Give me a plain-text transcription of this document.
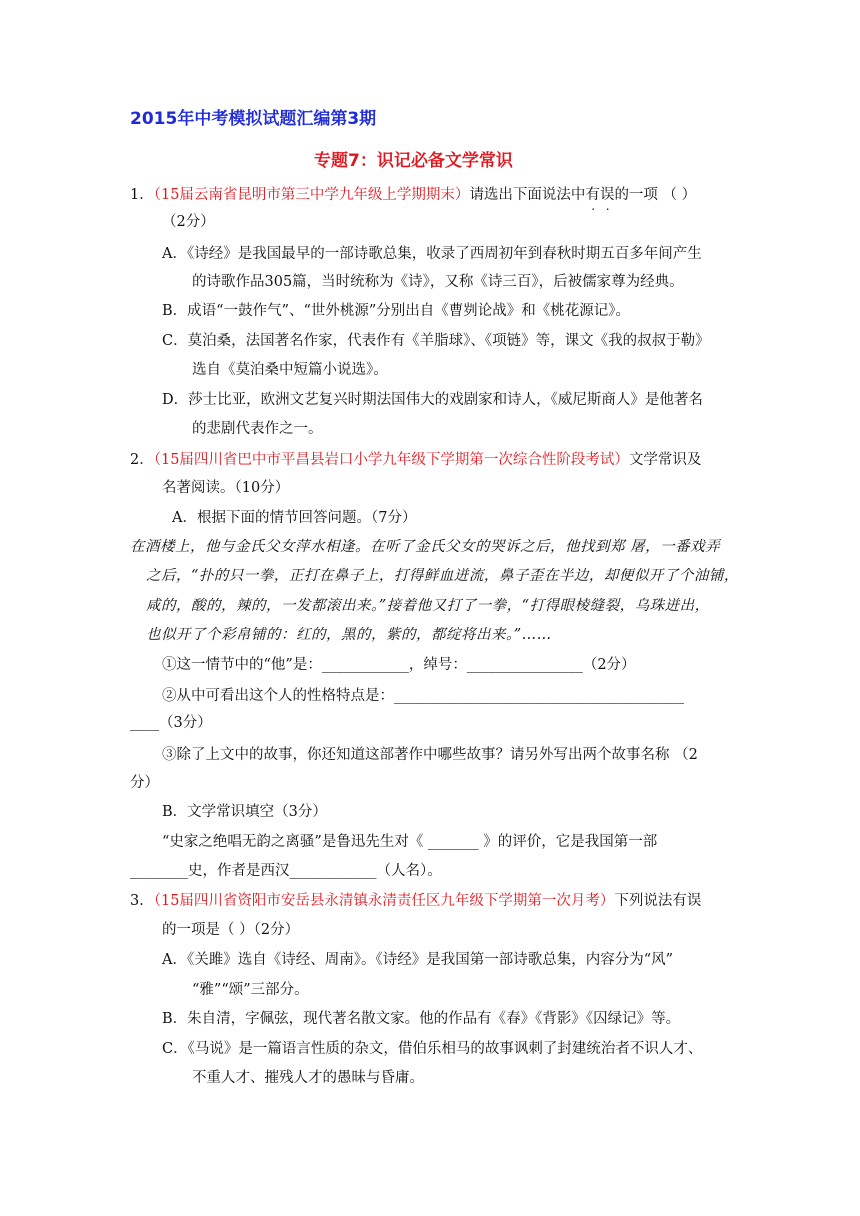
2015年中考模拟试题汇编第3期
专题7：识记必备文学常识
1．（15届云南省昆明市第三中学九年级上学期期末）请选出下面说法中有误的一项 （ ）
（2分）
A．《诗经》是我国最早的一部诗歌总集，收录了西周初年到春秋时期五百多年间产生
的诗歌作品305篇，当时统称为《诗》，又称《诗三百》，后被儒家尊为经典。
B．成语“一鼓作气”、“世外桃源”分别出自《曹刿论战》和《桃花源记》。
C．莫泊桑，法国著名作家，代表作有《羊脂球》、《项链》等，课文《我的叔叔于勒》
选自《莫泊桑中短篇小说选》。
D．莎士比亚，欧洲文艺复兴时期法国伟大的戏剧家和诗人，《威尼斯商人》是他著名
的悲剧代表作之一。
2．（15届四川省巴中市平昌县岩口小学九年级下学期第一次综合性阶段考试）文学常识及
名著阅读。（10分）
A．根据下面的情节回答问题。（7分）
在酒楼上，他与金氏父女萍水相逢。在听了金氏父女的哭诉之后，他找到郑 屠，一番戏弄
之后，“扑的只一拳，正打在鼻子上，打得鲜血迸流，鼻子歪在半边，却便似开了个油铺，
咸的，酸的，辣的，一发都滚出来。”接着他又打了一拳，“打得眼棱缝裂，乌珠迸出，
也似开了个彩帛铺的：红的，黑的，紫的，都绽将出来。”……
①这一情节中的“他”是：____________，绰号：________________（2分）
②从中可看出这个人的性格特点是：________________________________________
____（3分）
③除了上文中的故事，你还知道这部著作中哪些故事？请另外写出两个故事名称 （2
分）
B．文学常识填空（3分）
“史家之绝唱无韵之离骚”是鲁迅先生对《 _______ 》的评价，它是我国第一部
________史，作者是西汉____________（人名）。
3．（15届四川省资阳市安岳县永清镇永清责任区九年级下学期第一次月考）下列说法有误
的一项是（ ）（2分）
A．《关雎》选自《诗经、周南》。《诗经》是我国第一部诗歌总集，内容分为“风”
“雅”“颂”三部分。
B．朱自清，字佩弦，现代著名散文家。他的作品有《春》《背影》《囚绿记》等。
C．《马说》是一篇语言性质的杂文，借伯乐相马的故事讽刺了封建统治者不识人才、
不重人才、摧残人才的愚昧与昏庸。
